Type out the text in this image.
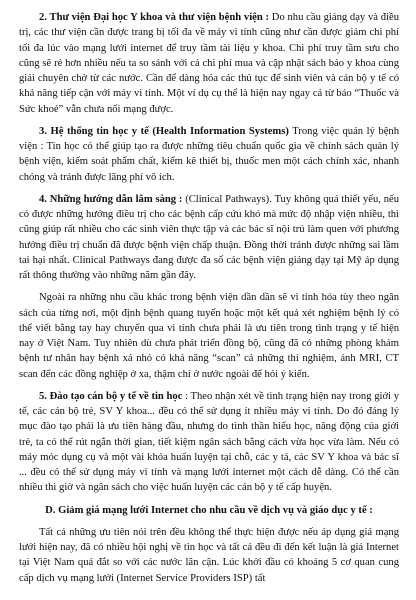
2. Thư viện Đại học Y khoa và thư viện bệnh viện : Do nhu cầu giảng dạy và điều trị, các thư viện cần được trang bị tối đa về máy vi tính cũng như cần được giảm chi phí tối đa lúc vào mạng lưới internet để truy tầm tài liệu y khoa. Chi phí truy tầm sưu cho cũng sẽ rẻ hơn nhiều nếu ta so sánh với cả chi phí mua và cập nhật sách báo y khoa cùng giải chuyên chở từ các nước. Cần để dàng hóa các thủ tục để sinh viên và cán bộ y tế có khả năng tiếp cận với máy vi tính. Một ví dụ cụ thể là hiện nay ngay cả từ báo “Thuốc và Sức khoẻ” vẫn chưa nối mạng được.

3. Hệ thống tin học y tế (Health Information Systems) Trong việc quản lý bệnh viện : Tin học có thể giúp tạo ra được những tiêu chuẩn quốc gia về chính sách quản lý bệnh viện, kiểm soát phẩm chất, kiểm kê thiết bị, thuốc men một cách chính xác, nhanh chóng và tránh được lãng phí vô ích.

4. Những hướng dẫn lâm sàng : (Clinical Pathways). Tuy không quá thiết yếu, nếu có được những hướng điều trị cho các bệnh cấp cứu khó mà mức độ nhập viện nhiều, thì cũng giúp rất nhiều cho các sinh viên thực tập và các bác sĩ nội trú làm quen với phương hướng điều trị chuẩn đã được bệnh viện chấp thuận. Đồng thời tránh được những sai lầm tai hại nhất. Clinical Pathways đang được đa số các bệnh viện giảng dạy tại Mỹ áp dụng rất thông thường vào những năm gần đây.

Ngoài ra những nhu cầu khác trong bệnh viện dần dần sẽ vi tính hóa tùy theo ngân sách của từng nơi, một định bệnh quang tuyến hoặc một kết quả xét nghiệm bệnh lý có thể viết bằng tay hay chuyển qua vi tính chưa phải là ưu tiên trong tình trạng y tế hiện nay ở Việt Nam. Tuy nhiên dù chưa phát triển đồng bộ, cũng đã có những phòng khám bệnh tư nhân hay bệnh xá nhỏ có khả năng “scan” cả những thí nghiệm, ảnh MRI, CT scan đến các đồng nghiệp ở xa, thậm chí ở nước ngoài để hỏi ý kiến.

5. Đào tạo cán bộ y tế về tin học : Theo nhận xét về tình trạng hiện nay trong giới y tế, các cán bộ trẻ, SV Y khoa... đều có thể sử dụng ít nhiều máy vi tính. Do đó đáng lý mục đào tạo phải là ưu tiên hàng đầu, nhưng do tình thần hiếu học, năng động của giới trẻ, ta có thể rút ngắn thời gian, tiết kiệm ngân sách bằng cách vừa học vừa làm. Nếu có máy móc dụng cụ và một vài khóa huấn luyện tại chỗ, các y tá, các SV Y khoa và bác sĩ ... đều có thể sử dụng máy vi tính và mạng lưới internet một cách dễ dàng. Có thể cần nhiều thì giờ và ngân sách cho việc huấn luyện các cán bộ y tế cấp huyện.

D. Giảm giá mạng lưới Internet cho nhu cầu về dịch vụ và giáo dục y tế :

Tất cả những ưu tiên nói trên đều không thể thực hiện được nếu áp dụng giá mạng lưới hiện nay, đã có nhiều hội nghị về tin học và tất cả đều đi đến kết luận là giá Internet tại Việt Nam quá đắt so với các nước lân cận. Lúc khởi đầu có khoảng 5 cơ quan cung cấp dịch vụ mạng lưới (Internet Service Providers ISP) tất
